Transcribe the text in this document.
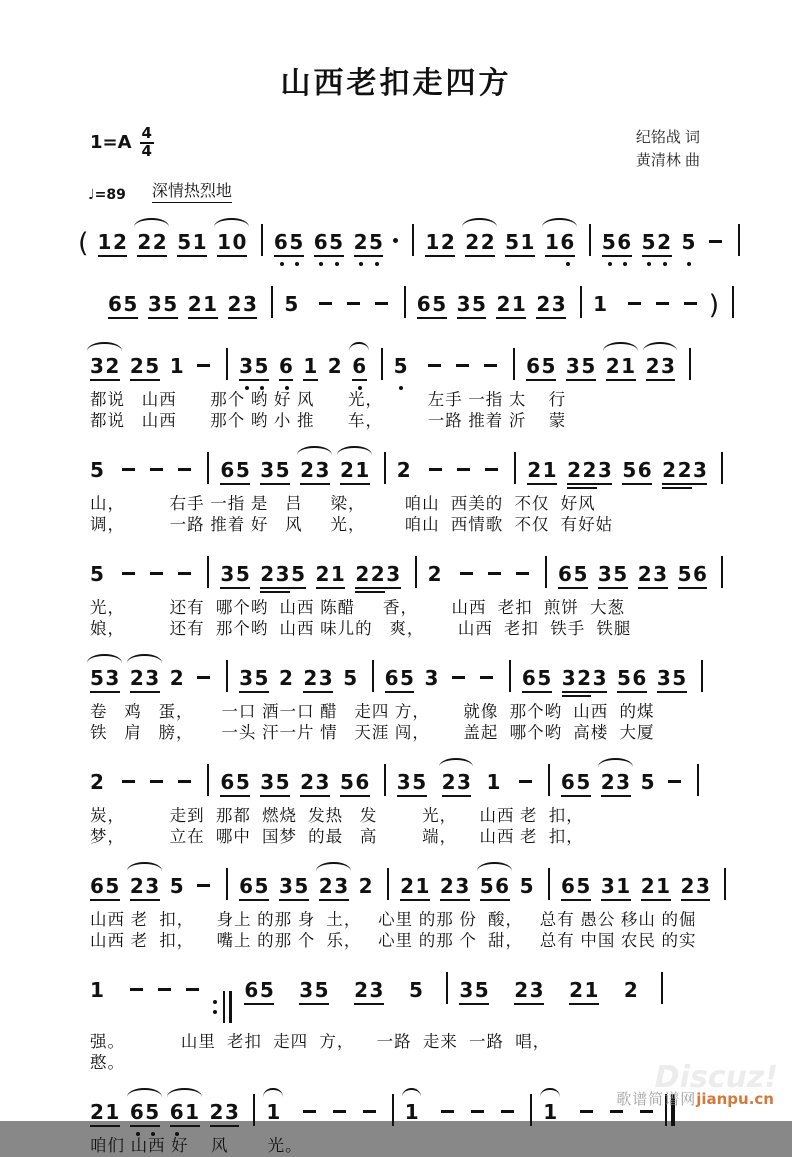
山西老扣走四方
$1=A \frac{4}{4}$	纪铭战 词
黄清林 曲
♩=89 深情热烈地
( 12 22 51 10 65 65 25 12 22 51 16 56 52 5
65 35 21 23 5	65 35 21 23 1	)
32 25 1	35 6 1 2 6 5	65 35 21 23
都说   山西      那个 哟 好 风      光，        左手 一指 太    行
都说   山西      那个 哟 小 推      车，        一路 推着 沂    蒙
5	65 35 23 21 2	21 223 56 223
山，        右手 一指 是   吕     梁，       咱山  西美的  不仅  好风
调，        一路 推着 好   风     光，       咱山  西情歌  不仅  有好姑
5	35 235 21 223 2	65 35 23 56
光，        还有  哪个哟  山西 陈醋     香，      山西  老扣  煎饼  大葱
娘，        还有  那个哟  山西 味儿的   爽，      山西  老扣  铁手  铁腿
53 23 2	35 2 23 5 65 3	65 323 56 35
卷   鸡   蛋，     一口 酒一口 醋   走四 方，      就像  那个哟  山西  的煤
铁   肩   膀，     一头 汗一片 情   天涯 闯，      盖起  哪个哟  高楼  大厦
2	65 35 23 56 35 23 1	65 23 5
炭，        走到  那都  燃烧  发热   发        光，    山西 老  扣，
梦，        立在  哪中  国梦  的最   高        端，    山西 老  扣，
65 23 5	65 35 23 2 21 23 56 5 65 31 21 23
山西 老  扣，    身上 的那 身  土，   心里 的那 份  酸，   总有 愚公 移山 的倔
山西 老  扣，    嘴上 的那 个  乐，   心里 的那 个  甜，   总有 中国 农民 的实
1	65 35 23 5 35 23 21 2
强。          山里  老扣  走四  方，    一路  走来  一路  唱，
憨。
21 65 61 23 1	1	1
咱们 山西 好    风       光。
Discuz!
歌谱简谱网jianpu.cn
